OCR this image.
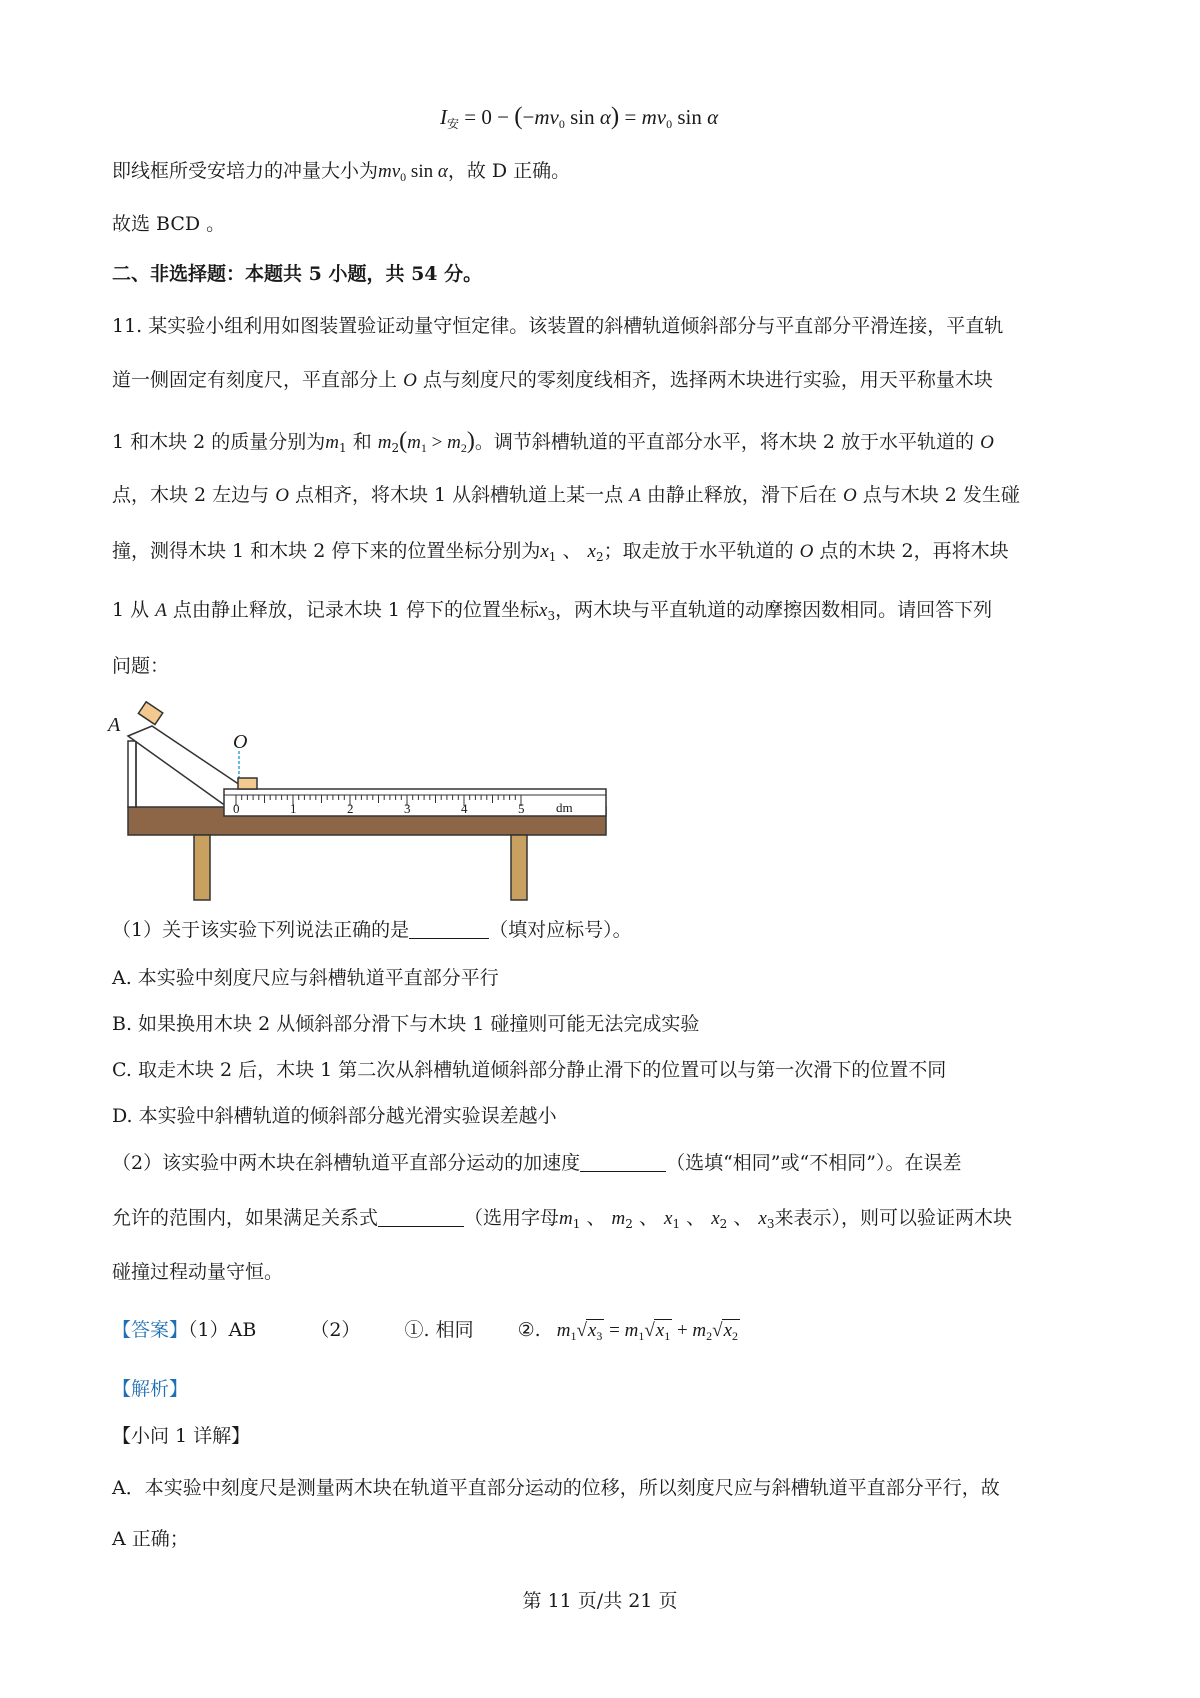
$I_安 = 0 - (-mv_0$ $\sin \alpha) = mv_0$ sin α
即线框所受安培力的冲量大小为$mv_0$ sin α，故 D 正确。
故选 BCD 。
二、非选择题：本题共 5 小题，共 54 分。
11. 某实验小组利用如图装置验证动量守恒定律。该装置的斜槽轨道倾斜部分与平直部分平滑连接，平直轨
道一侧固定有刻度尺，平直部分上 O 点与刻度尺的零刻度线相齐，选择两木块进行实验，用天平称量木块
1 和木块 2 的质量分别为$m_1$ 和 $m_2(m_1 > m_2)$。调节斜槽轨道的平直部分水平，将木块 2 放于水平轨道的 O
点，木块 2 左边与 O 点相齐，将木块 1 从斜槽轨道上某一点 A 由静止释放，滑下后在 O 点与木块 2 发生碰
撞，测得木块 1 和木块 2 停下来的位置坐标分别为$x_1$ 、 $x_2$；取走放于水平轨道的 O 点的木块 2，再将木块
1 从 A 点由静止释放，记录木块 1 停下的位置坐标$x_3$，两木块与平直轨道的动摩擦因数相同。请回答下列
问题：
A
0	1	2	3	4	5 dm
O
（1）关于该实验下列说法正确的是	（填对应标号）。
A. 本实验中刻度尺应与斜槽轨道平直部分平行
B. 如果换用木块 2 从倾斜部分滑下与木块 1 碰撞则可能无法完成实验
C. 取走木块 2 后，木块 1 第二次从斜槽轨道倾斜部分静止滑下的位置可以与第一次滑下的位置不同
D. 本实验中斜槽轨道的倾斜部分越光滑实验误差越小
（2）该实验中两木块在斜槽轨道平直部分运动的加速度	（选填“相同”或“不相同”）。在误差
允许的范围内，如果满足关系式	（选用字母$m_1$ 、 $m_2$ 、 $x_1$ 、 $x_2$ 、 $x_3$来表示），则可以验证两木块
碰撞过程动量守恒。
【答案】（1）AB	（2） ①. 相同 ②. $m_1√x_3 = m_1√x_1 + m_2√x_2$
【解析】
【小问 1 详解】
A．本实验中刻度尺是测量两木块在轨道平直部分运动的位移，所以刻度尺应与斜槽轨道平直部分平行，故
A 正确；
第 11 页/共 21 页
